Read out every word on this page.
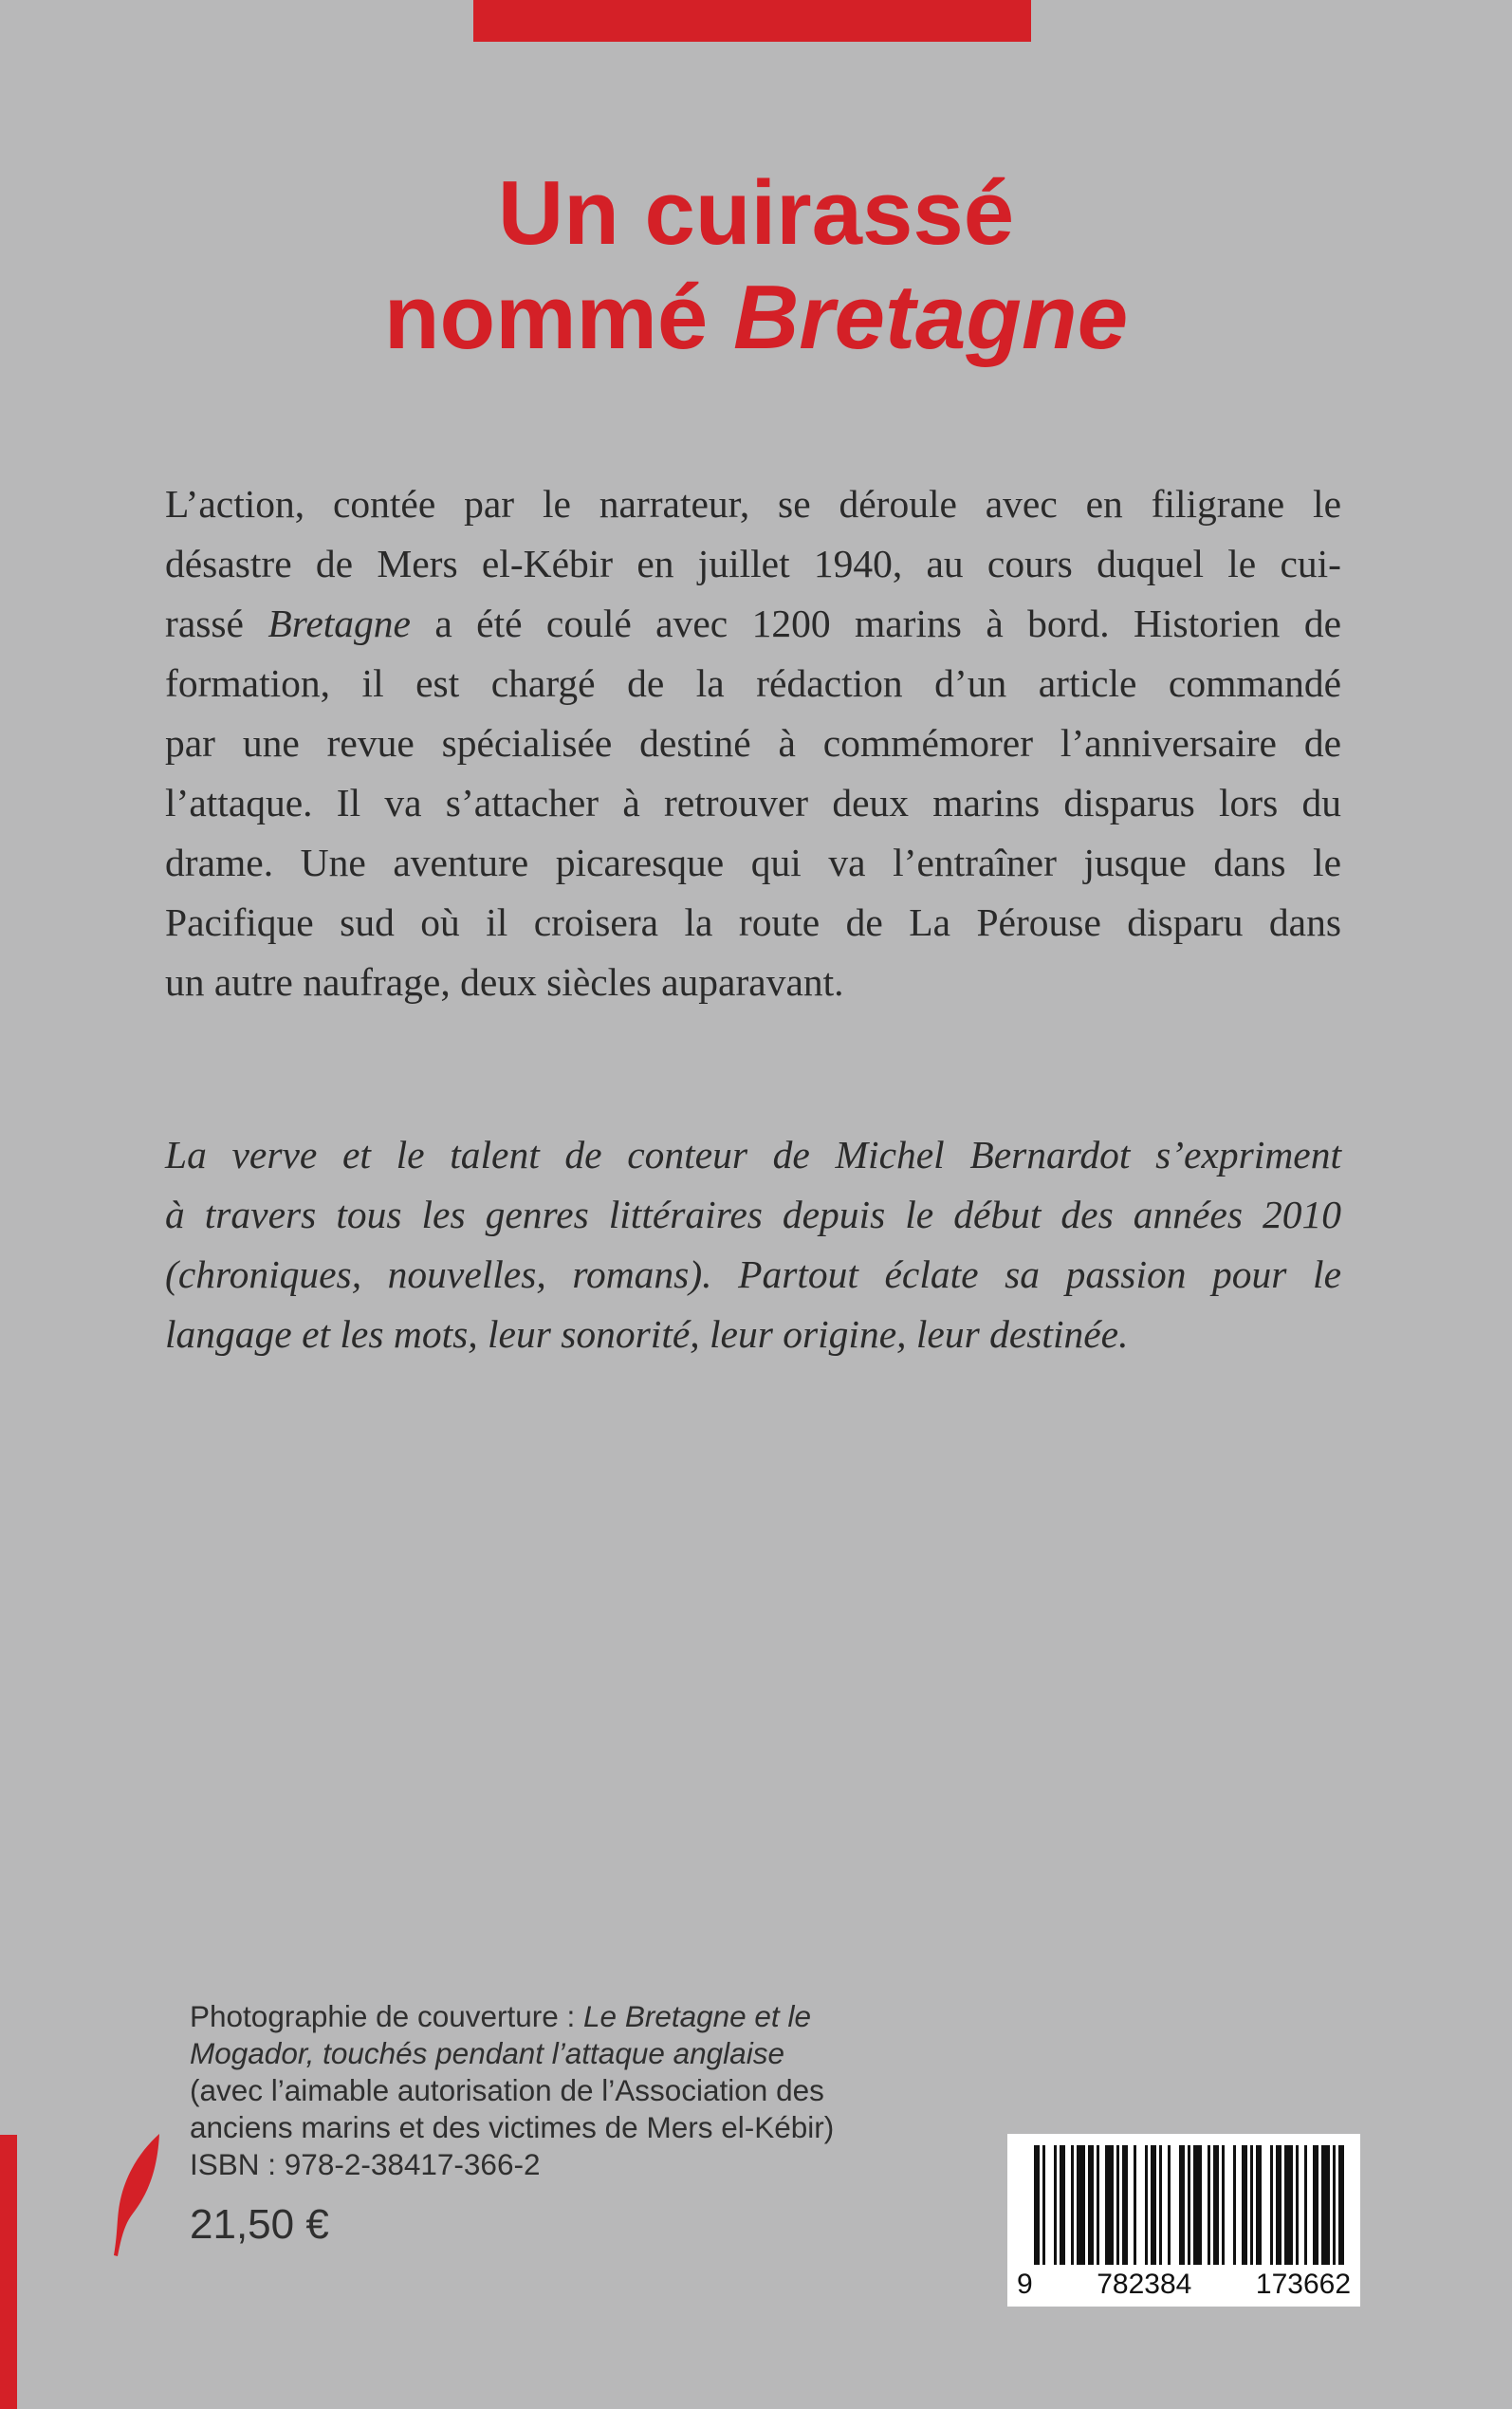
Un cuirassé
nommé Bretagne
L’action, contée par le narrateur, se déroule avec en filigrane le
désastre de Mers el-Kébir en juillet 1940, au cours duquel le cui-
rassé Bretagne a été coulé avec 1200 marins à bord. Historien de
formation, il est chargé de la rédaction d’un article commandé
par une revue spécialisée destiné à commémorer l’anniversaire de
l’attaque. Il va s’attacher à retrouver deux marins disparus lors du
drame. Une aventure picaresque qui va l’entraîner jusque dans le
Pacifique sud où il croisera la route de La Pérouse disparu dans
un autre naufrage, deux siècles auparavant.
La verve et le talent de conteur de Michel Bernardot s’expriment
à travers tous les genres littéraires depuis le début des années 2010
(chroniques, nouvelles, romans). Partout éclate sa passion pour le
langage et les mots, leur sonorité, leur origine, leur destinée.
Photographie de couverture : Le Bretagne et le
Mogador, touchés pendant l’attaque anglaise
(avec l’aimable autorisation de l’Association des
anciens marins et des victimes de Mers el-Kébir)
ISBN : 978-2-38417-366-2
21,50 €
9 782384 173662
